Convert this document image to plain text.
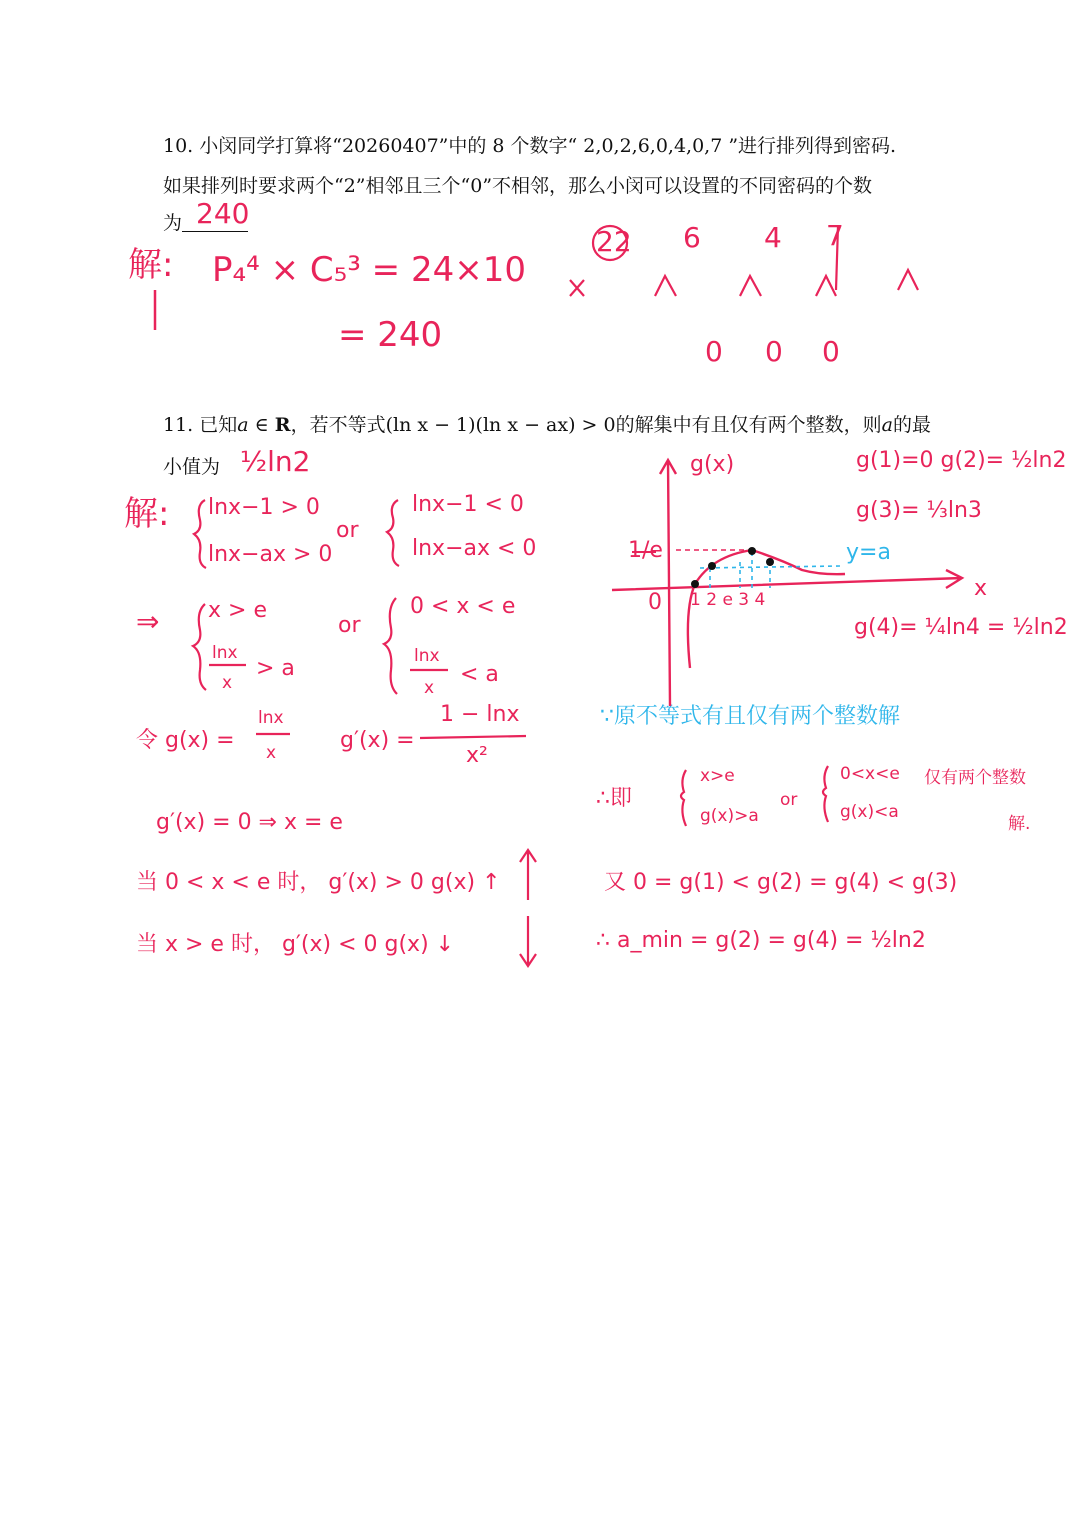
10. 小闵同学打算将“20260407”中的 8 个数字“ 2,0,2,6,0,4,0,7 ”进行排列得到密码.
如果排列时要求两个“2”相邻且三个“0”不相邻，那么小闵可以设置的不同密码的个数
为 240
解: P₄⁴ × C₅³ = 24×10
= 240
22 6 4 7
0 0 0
11. 已知a ∈ R，若不等式(ln x − 1)(ln x − ax) > 0的解集中有且仅有两个整数，则a的最
小值为 ½ln2
解: lnx−1 > 0
lnx−ax > 0
or
lnx−1 < 0
lnx−ax < 0
⇒ x > e
lnx
x
> a
or
0 < x < e
lnx
x
< a
令 g(x) =
lnx
x	g′(x) =
1 − lnx
x²
g′(x) = 0 ⇒ x = e
当 0 < x < e 时， g′(x) > 0 g(x) ↑
当 x > e 时， g′(x) < 0 g(x) ↓
g(1)=0 g(2)= ½ln2
g(3)= ⅓ln3
g(4)= ¼ln4 = ½ln2
g(x)
x
0
1/e
1 2 e 3 4
y=a
∵原不等式有且仅有两个整数解
∴即
x>e
g(x)>a
or
0<x<e
g(x)<a
仅有两个整数
解.
又 0 = g(1) < g(2) = g(4) < g(3)
∴ a_min = g(2) = g(4) = ½ln2
